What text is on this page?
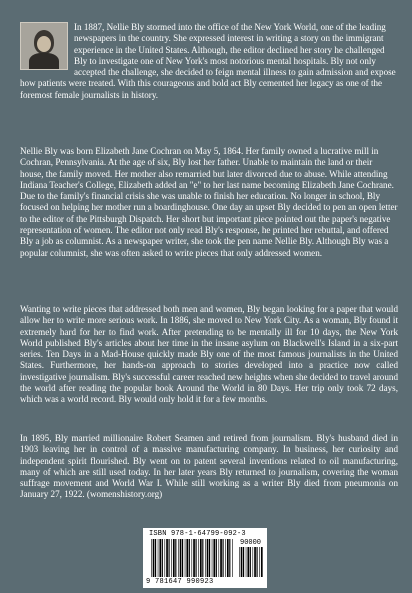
In 1887, Nellie Bly stormed into the office of the New York World, one of the leading newspapers in the country. She expressed interest in writing a story on the immigrant experience in the United States. Although, the editor declined her story he challenged Bly to investigate one of New York's most notorious mental hospitals. Bly not only accepted the challenge, she decided to feign mental illness to gain admission and expose how patients were treated. With this courageous and bold act Bly cemented her legacy as one of the foremost female journalists in history.

Nellie Bly was born Elizabeth Jane Cochran on May 5, 1864. Her family owned a lucrative mill in Cochran, Pennsylvania. At the age of six, Bly lost her father. Unable to maintain the land or their house, the family moved. Her mother also remarried but later divorced due to abuse. While attending Indiana Teacher's College, Elizabeth added an "e" to her last name becoming Elizabeth Jane Cochrane. Due to the family's financial crisis she was unable to finish her education. No longer in school, Bly focused on helping her mother run a boardinghouse. One day an upset Bly decided to pen an open letter to the editor of the Pittsburgh Dispatch. Her short but important piece pointed out the paper's negative representation of women. The editor not only read Bly's response, he printed her rebuttal, and offered Bly a job as columnist. As a newspaper writer, she took the pen name Nellie Bly. Although Bly was a popular columnist, she was often asked to write pieces that only addressed women.

Wanting to write pieces that addressed both men and women, Bly began looking for a paper that would allow her to write more serious work. In 1886, she moved to New York City. As a woman, Bly found it extremely hard for her to find work. After pretending to be mentally ill for 10 days, the New York World published Bly's articles about her time in the insane asylum on Blackwell's Island in a six-part series. Ten Days in a Mad-House quickly made Bly one of the most famous journalists in the United States. Furthermore, her hands-on approach to stories developed into a practice now called investigative journalism. Bly's successful career reached new heights when she decided to travel around the world after reading the popular book Around the World in 80 Days. Her trip only took 72 days, which was a world record. Bly would only hold it for a few months.

In 1895, Bly married millionaire Robert Seamen and retired from journalism. Bly's husband died in 1903 leaving her in control of a massive manufacturing company. In business, her curiosity and independent spirit flourished. Bly went on to patent several inventions related to oil manufacturing, many of which are still used today. In her later years Bly returned to journalism, covering the woman suffrage movement and World War I. While still working as a writer Bly died from pneumonia on January 27, 1922. (womenshistory.org)

ISBN 978-1-64799-092-3
90000
9 781647 990923
